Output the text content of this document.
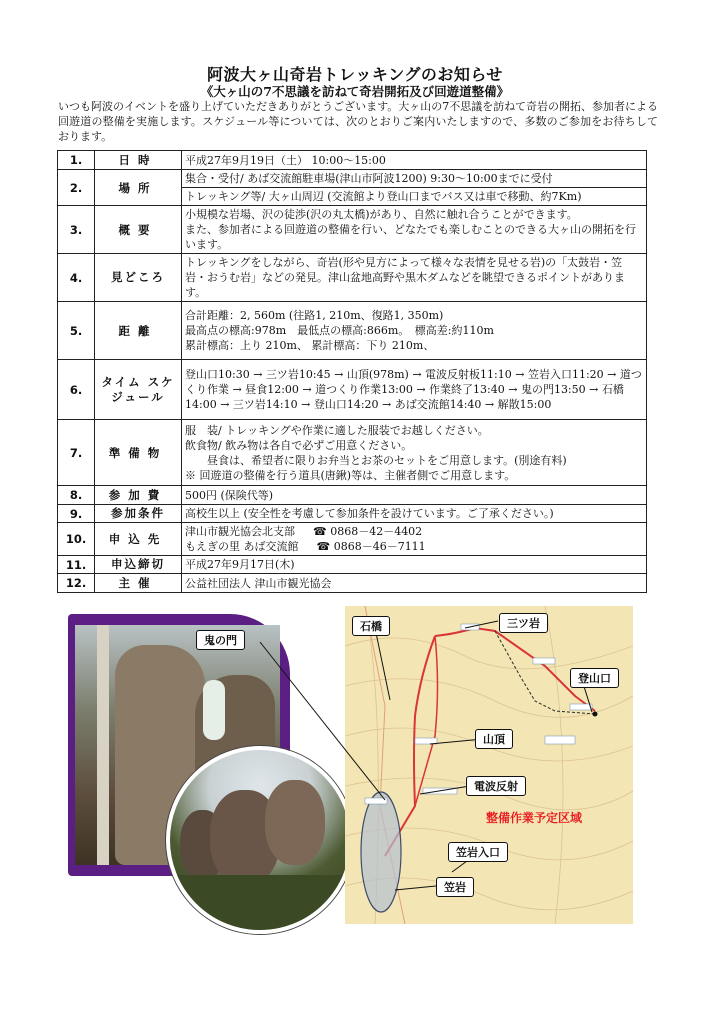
阿波大ヶ山奇岩トレッキングのお知らせ
《大ヶ山の7不思議を訪ねて奇岩開拓及び回遊道整備》
いつも阿波のイベントを盛り上げていただきありがとうございます。大ヶ山の7不思議を訪ねて奇岩の開拓、参加者による回遊道の整備を実施します。スケジュール等については、次のとおりご案内いたしますので、多数のご参加をお待ちしております。
1.	日時	平成27年9月19日（土） 10:00～15:00

2.	場所	集合・受付/ あば交流館駐車場(津山市阿波1200) 9:30～10:00までに受付
トレッキング等/ 大ヶ山周辺 (交流館より登山口までバス又は車で移動、約7Km)

3.	概要	小規模な岩場、沢の徒渉(沢の丸太橋)があり、自然に触れ合うことができます。
また、参加者による回遊道の整備を行い、どなたでも楽しむことのできる大ヶ山の開拓を行います。

4.	見どころ	トレッキングをしながら、奇岩(形や見方によって様々な表情を見せる岩)の「太鼓岩・笠岩・おうむ岩」などの発見。津山盆地高野や黒木ダムなどを眺望できるポイントがあります。

5.	距離	合計距離：2, 560m (往路1, 210m、復路1, 350m)
最高点の標高:978m　最低点の標高:866m。　標高差:約110m
累計標高：上り 210m、 累計標高：下り 210m、

6.	タイム スケジュール	登山口10:30 → 三ツ岩10:45 → 山頂(978m) → 電波反射板11:10 → 笠岩入口11:20 → 道つくり作業 → 昼食12:00 → 道つくり作業13:00 → 作業終了13:40 → 鬼の門13:50 → 石橋14:00 → 三ツ岩14:10 → 登山口14:20 → あば交流館14:40 → 解散15:00

7.	準備物	服　装/ トレッキングや作業に適した服装でお越しください。
飲食物/ 飲み物は各自で必ずご用意ください。
　　昼食は、希望者に限りお弁当とお茶のセットをご用意します。(別途有料)
※ 回遊道の整備を行う道具(唐鍬)等は、主催者側でご用意します。

8.	参加費	500円 (保険代等)
9.	参加条件	高校生以上 (安全性を考慮して参加条件を設けています。ご了承ください。)
10.	申込先	津山市観光協会北支部 ☎ 0868－42－4402
もえぎの里 あば交流館 ☎ 0868－46－7111

11.	申込締切	平成27年9月17日(木)
12.	主催	公益社団法人 津山市観光協会
鬼の門
石橋	三ツ岩
登山口
山頂
電波反射
整備作業予定区域
笠岩入口
笠岩
